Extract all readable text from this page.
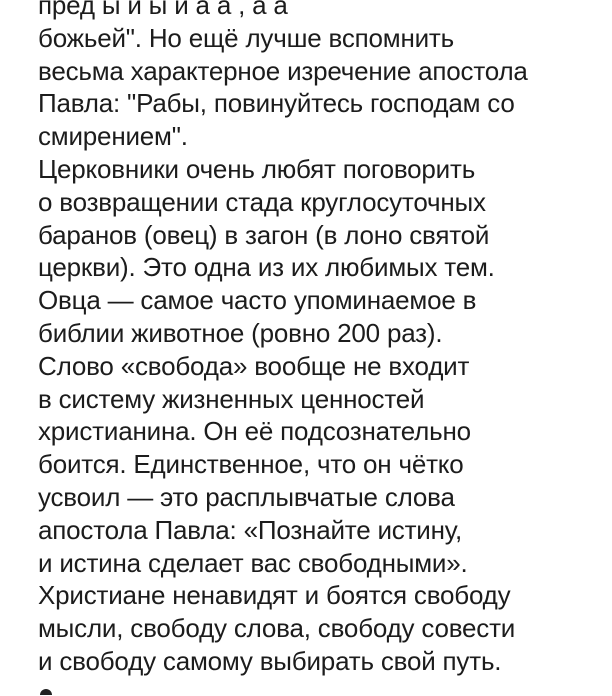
пред ы и ы и а а , а а
божьей". Но ещё лучше вспомнить
весьма характерное изречение апостола
Павла: "Рабы, повинуйтесь господам со
смирением".
Церковники очень любят поговорить
о возвращении стада круглосуточных
баранов (овец) в загон (в лоно святой
церкви). Это одна из их любимых тем.
Овца — самое часто упоминаемое в
библии животное (ровно 200 раз).
Слово «свобода» вообще не входит
в систему жизненных ценностей
христианина. Он её подсознательно
боится. Единственное, что он чётко
усвоил — это расплывчатые слова
апостола Павла: «Познайте истину,
и истина сделает вас свободными».
Христиане ненавидят и боятся свободу
мысли, свободу слова, свободу совести
и свободу самому выбирать свой путь.
